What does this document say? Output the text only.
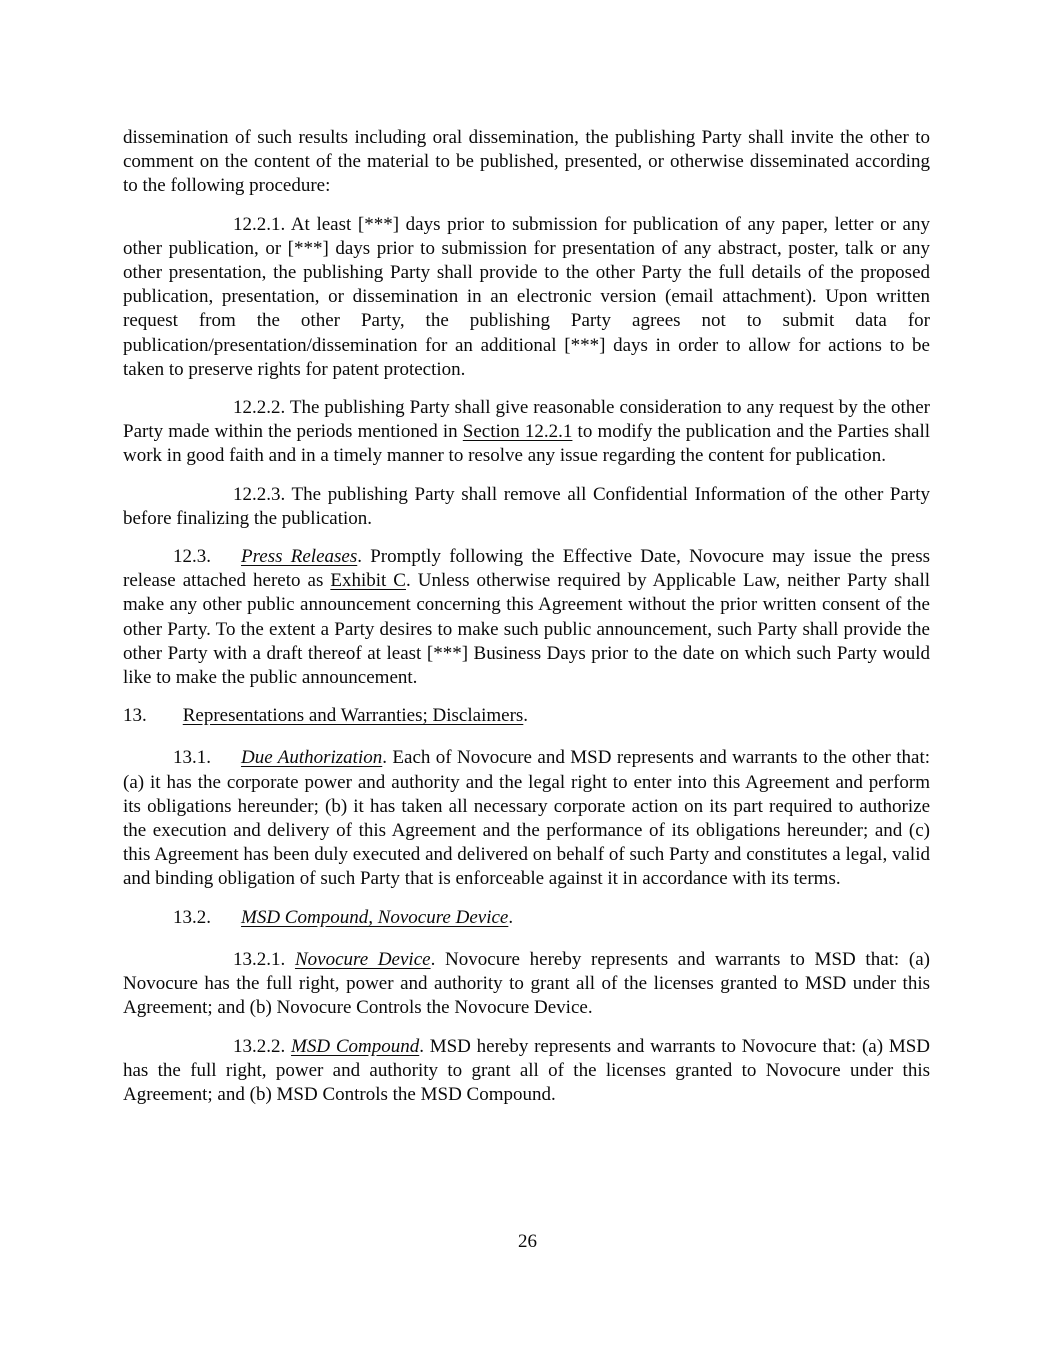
dissemination of such results including oral dissemination, the publishing Party shall invite the other to comment on the content of the material to be published, presented, or otherwise disseminated according to the following procedure:

12.2.1. At least [***] days prior to submission for publication of any paper, letter or any other publication, or [***] days prior to submission for presentation of any abstract, poster, talk or any other presentation, the publishing Party shall provide to the other Party the full details of the proposed publication, presentation, or dissemination in an electronic version (email attachment). Upon written request from the other Party, the publishing Party agrees not to submit data for publication/presentation/dissemination for an additional [***] days in order to allow for actions to be taken to preserve rights for patent protection.

12.2.2. The publishing Party shall give reasonable consideration to any request by the other Party made within the periods mentioned in Section 12.2.1 to modify the publication and the Parties shall work in good faith and in a timely manner to resolve any issue regarding the content for publication.

12.2.3. The publishing Party shall remove all Confidential Information of the other Party before finalizing the publication.

12.3. Press Releases. Promptly following the Effective Date, Novocure may issue the press release attached hereto as Exhibit C. Unless otherwise required by Applicable Law, neither Party shall make any other public announcement concerning this Agreement without the prior written consent of the other Party. To the extent a Party desires to make such public announcement, such Party shall provide the other Party with a draft thereof at least [***] Business Days prior to the date on which such Party would like to make the public announcement.

13. Representations and Warranties; Disclaimers.

13.1. Due Authorization. Each of Novocure and MSD represents and warrants to the other that: (a) it has the corporate power and authority and the legal right to enter into this Agreement and perform its obligations hereunder; (b) it has taken all necessary corporate action on its part required to authorize the execution and delivery of this Agreement and the performance of its obligations hereunder; and (c) this Agreement has been duly executed and delivered on behalf of such Party and constitutes a legal, valid and binding obligation of such Party that is enforceable against it in accordance with its terms.

13.2. MSD Compound, Novocure Device.

13.2.1. Novocure Device. Novocure hereby represents and warrants to MSD that: (a) Novocure has the full right, power and authority to grant all of the licenses granted to MSD under this Agreement; and (b) Novocure Controls the Novocure Device.

13.2.2. MSD Compound. MSD hereby represents and warrants to Novocure that: (a) MSD has the full right, power and authority to grant all of the licenses granted to Novocure under this Agreement; and (b) MSD Controls the MSD Compound.

26
